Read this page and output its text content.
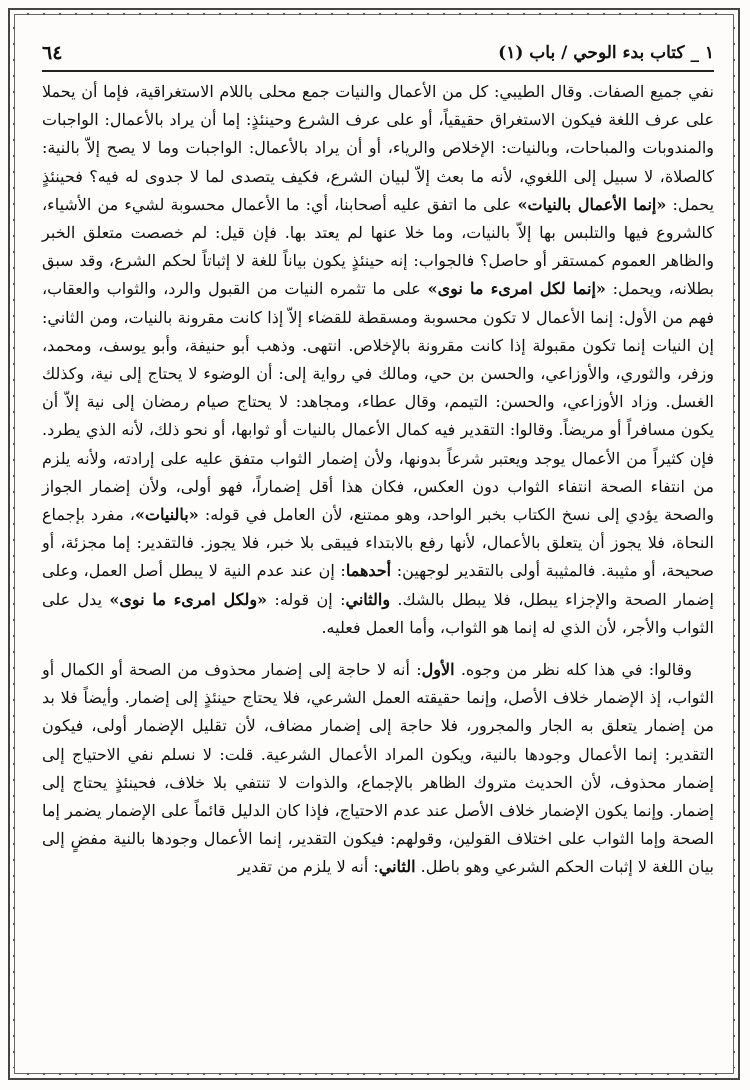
١ _ كتاب بدء الوحي / باب (١)
٦٤

نفي جميع الصفات. وقال الطيبي: كل من الأعمال والنيات جمع محلى باللام الاستغراقية، فإما أن يحملا على عرف اللغة فيكون الاستغراق حقيقياً، أو على عرف الشرع وحينئذٍ: إما أن يراد بالأعمال: الواجبات والمندوبات والمباحات، وبالنيات: الإخلاص والرياء، أو أن يراد بالأعمال: الواجبات وما لا يصح إلاّ بالنية: كالصلاة، لا سبيل إلى اللغوي، لأنه ما بعث إلاّ لبيان الشرع، فكيف يتصدى لما لا جدوى له فيه؟ فحينئذٍ يحمل: «إنما الأعمال بالنيات» على ما اتفق عليه أصحابنا، أي: ما الأعمال محسوبة لشيء من الأشياء، كالشروع فيها والتلبس بها إلاّ بالنيات، وما خلا عنها لم يعتد بها. فإن قيل: لم خصصت متعلق الخبر والظاهر العموم كمستقر أو حاصل؟ فالجواب: إنه حينئذٍ يكون بياناً للغة لا إثباتاً لحكم الشرع، وقد سبق بطلانه، ويحمل: «إنما لكل امرىء ما نوى» على ما تثمره النيات من القبول والرد، والثواب والعقاب، فهم من الأول: إنما الأعمال لا تكون محسوبة ومسقطة للقضاء إلاّ إذا كانت مقرونة بالنيات، ومن الثاني: إن النيات إنما تكون مقبولة إذا كانت مقرونة بالإخلاص. انتهى. وذهب أبو حنيفة، وأبو يوسف، ومحمد، وزفر، والثوري، والأوزاعي، والحسن بن حي، ومالك في رواية إلى: أن الوضوء لا يحتاج إلى نية، وكذلك الغسل. وزاد الأوزاعي، والحسن: التيمم، وقال عطاء، ومجاهد: لا يحتاج صيام رمضان إلى نية إلاّ أن يكون مسافراً أو مريضاً. وقالوا: التقدير فيه كمال الأعمال بالنيات أو ثوابها، أو نحو ذلك، لأنه الذي يطرد. فإن كثيراً من الأعمال يوجد ويعتبر شرعاً بدونها، ولأن إضمار الثواب متفق عليه على إرادته، ولأنه يلزم من انتفاء الصحة انتفاء الثواب دون العكس، فكان هذا أقل إضماراً، فهو أولى، ولأن إضمار الجواز والصحة يؤدي إلى نسخ الكتاب بخبر الواحد، وهو ممتنع، لأن العامل في قوله: «بالنيات»، مفرد بإجماع النحاة، فلا يجوز أن يتعلق بالأعمال، لأنها رفع بالابتداء فيبقى بلا خبر، فلا يجوز. فالتقدير: إما مجزئة، أو صحيحة، أو مثيبة. فالمثيبة أولى بالتقدير لوجهين: أحدهما: إن عند عدم النية لا يبطل أصل العمل، وعلى إضمار الصحة والإجزاء يبطل، فلا يبطل بالشك. والثاني: إن قوله: «ولكل امرىء ما نوى» يدل على الثواب والأجر، لأن الذي له إنما هو الثواب، وأما العمل فعليه.

وقالوا: في هذا كله نظر من وجوه. الأول: أنه لا حاجة إلى إضمار محذوف من الصحة أو الكمال أو الثواب، إذ الإضمار خلاف الأصل، وإنما حقيقته العمل الشرعي، فلا يحتاج حينئذٍ إلى إضمار. وأيضاً فلا بد من إضمار يتعلق به الجار والمجرور، فلا حاجة إلى إضمار مضاف، لأن تقليل الإضمار أولى، فيكون التقدير: إنما الأعمال وجودها بالنية، ويكون المراد الأعمال الشرعية. قلت: لا نسلم نفي الاحتياج إلى إضمار محذوف، لأن الحديث متروك الظاهر بالإجماع، والذوات لا تنتفي بلا خلاف، فحينئذٍ يحتاج إلى إضمار. وإنما يكون الإضمار خلاف الأصل عند عدم الاحتياج، فإذا كان الدليل قائماً على الإضمار يضمر إما الصحة وإما الثواب على اختلاف القولين، وقولهم: فيكون التقدير، إنما الأعمال وجودها بالنية مفضٍ إلى بيان اللغة لا إثبات الحكم الشرعي وهو باطل. الثاني: أنه لا يلزم من تقدير
